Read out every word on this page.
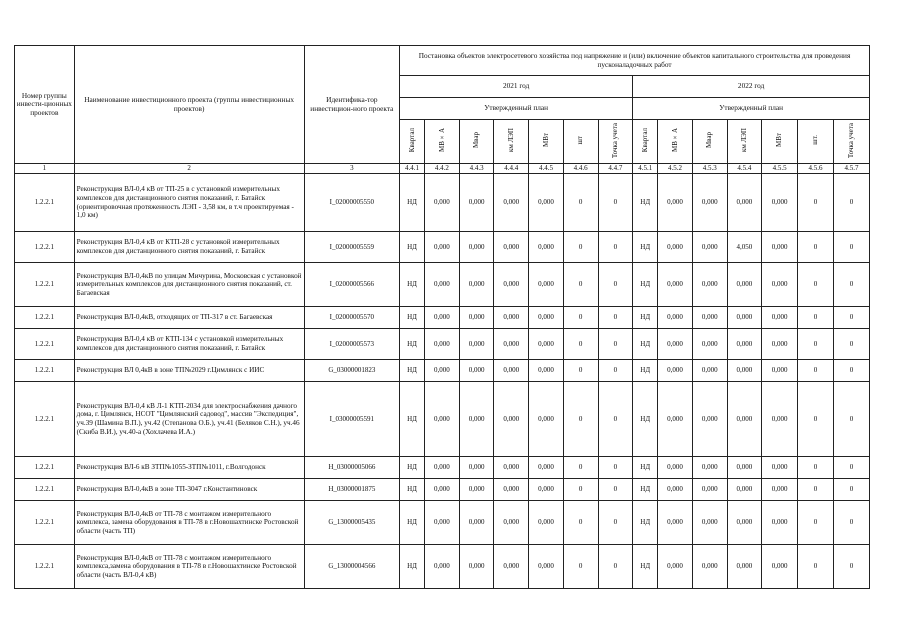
Номер группы инвести-ционных проектов	Наименование инвестиционного проекта (группы инвестиционных проектов)	Идентифика-тор инвестицион-ного проекта	Постановка объектов электросетевого хозяйства под напряжение и (или) включение объектов капитального строительства для проведения пусконаладочных работ													
			2021 год							2022 год						
			Утвержденный план							Утвержденный план						
			Квартал	МВ×А	Мвар	км ЛЭП	МВт	шт	Точка учета	Квартал	МВ×А	Мвар	км ЛЭП	МВт	шт.	Точка учета
1	2	3	4.4.1	4.4.2	4.4.3	4.4.4	4.4.5	4.4.6	4.4.7	4.5.1	4.5.2	4.5.3	4.5.4	4.5.5	4.5.6	4.5.7
1.2.2.1	Реконструкция ВЛ-0,4 кВ от ТП-25 в с установкой измерительных комплексов для дистанционного снятия показаний, г. Батайск (ориентировочная протяженность ЛЭП - 3,58 км, в т.ч проектируемая - 1,0 км)	I_02000005550	НД	0,000	0,000	0,000	0,000	0	0	НД	0,000	0,000	0,000	0,000	0	0
1.2.2.1	Реконструкция ВЛ-0,4 кВ от КТП-28 с установкой измерительных комплексов для дистанционного снятия показаний, г. Батайск	I_02000005559	НД	0,000	0,000	0,000	0,000	0	0	НД	0,000	0,000	4,050	0,000	0	0
1.2.2.1	Реконструкция ВЛ-0,4кВ по улицам Мичурина, Московская с установкой измерительных комплексов для дистанционного снятия показаний, ст. Багаевская	I_02000005566	НД	0,000	0,000	0,000	0,000	0	0	НД	0,000	0,000	0,000	0,000	0	0
1.2.2.1	Реконструкция ВЛ-0,4кВ, отходящих от ТП-317 в ст. Багаевская	I_02000005570	НД	0,000	0,000	0,000	0,000	0	0	НД	0,000	0,000	0,000	0,000	0	0
1.2.2.1	Реконструкция ВЛ-0,4 кВ от КТП-134 с установкой измерительных комплексов для дистанционного снятия показаний, г. Батайск	I_02000005573	НД	0,000	0,000	0,000	0,000	0	0	НД	0,000	0,000	0,000	0,000	0	0
1.2.2.1	Реконструкция ВЛ 0,4кВ в зоне ТП№2029 г.Цимлянск с ИИС	G_03000001823	НД	0,000	0,000	0,000	0,000	0	0	НД	0,000	0,000	0,000	0,000	0	0
1.2.2.1	Реконструкция ВЛ-0,4 кВ Л-1 КТП-2034 для электроснабжения дачного дома, г. Цимлянск, НСОТ "Цимлянский садовод", массив "Экспедиция", уч.39 (Шамина В.П.), уч.42 (Степанова О.Б.), уч.41 (Беляков С.Н.), уч.46 (Скиба В.И.), уч.40-а (Хохлачева И.А.)	I_03000005591	НД	0,000	0,000	0,000	0,000	0	0	НД	0,000	0,000	0,000	0,000	0	0
1.2.2.1	Реконструкция ВЛ-6 кВ ЗТП№1055-ЗТП№1011, г.Волгодонск	H_03000005066	НД	0,000	0,000	0,000	0,000	0	0	НД	0,000	0,000	0,000	0,000	0	0
1.2.2.1	Реконструкция ВЛ-0,4кВ в зоне ТП-3047 г.Константиновск	H_03000001875	НД	0,000	0,000	0,000	0,000	0	0	НД	0,000	0,000	0,000	0,000	0	0
1.2.2.1	Реконструкция ВЛ-0,4кВ от ТП-78 с монтажом измерительного комплекса, замена оборудования в ТП-78 в г.Новошахтинске Ростовской области (часть ТП)	G_13000005435	НД	0,000	0,000	0,000	0,000	0	0	НД	0,000	0,000	0,000	0,000	0	0
1.2.2.1	Реконструкция ВЛ-0,4кВ от ТП-78 с монтажом измерительного комплекса,замена оборудования в ТП-78 в г.Новошахтинске Ростовской области (часть ВЛ-0,4 кВ)	G_13000004566	НД	0,000	0,000	0,000	0,000	0	0	НД	0,000	0,000	0,000	0,000	0	0
